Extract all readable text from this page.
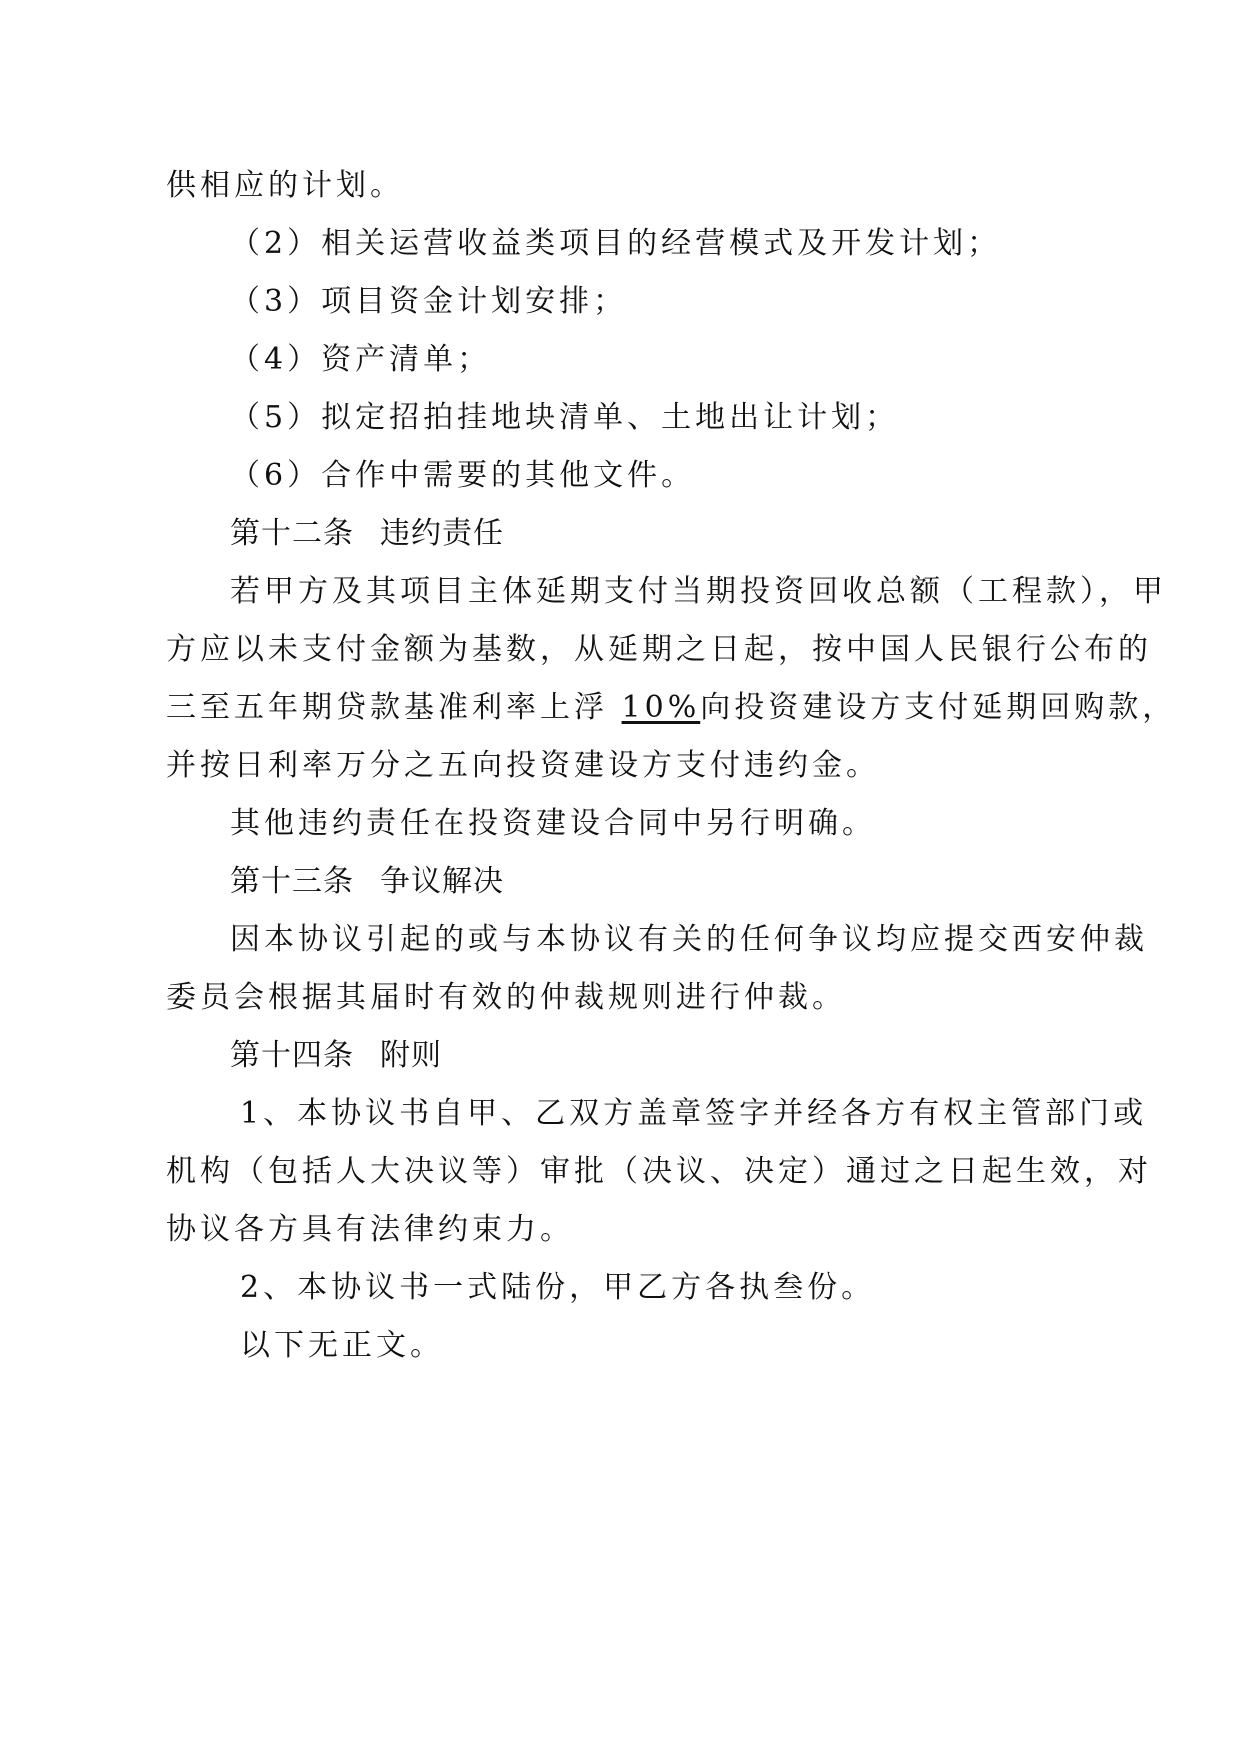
供相应的计划。
（2）相关运营收益类项目的经营模式及开发计划；
（3）项目资金计划安排；
（4）资产清单；
（5）拟定招拍挂地块清单、土地出让计划；
（6）合作中需要的其他文件。
第十二条 违约责任
若甲方及其项目主体延期支付当期投资回收总额（工程款），甲
方应以未支付金额为基数，从延期之日起，按中国人民银行公布的
三至五年期贷款基准利率上浮 10%向投资建设方支付延期回购款，
并按日利率万分之五向投资建设方支付违约金。
其他违约责任在投资建设合同中另行明确。
第十三条 争议解决
因本协议引起的或与本协议有关的任何争议均应提交西安仲裁
委员会根据其届时有效的仲裁规则进行仲裁。
第十四条 附则
1、本协议书自甲、乙双方盖章签字并经各方有权主管部门或
机构（包括人大决议等）审批（决议、决定）通过之日起生效，对
协议各方具有法律约束力。
2、本协议书一式陆份，甲乙方各执叁份。
以下无正文。
